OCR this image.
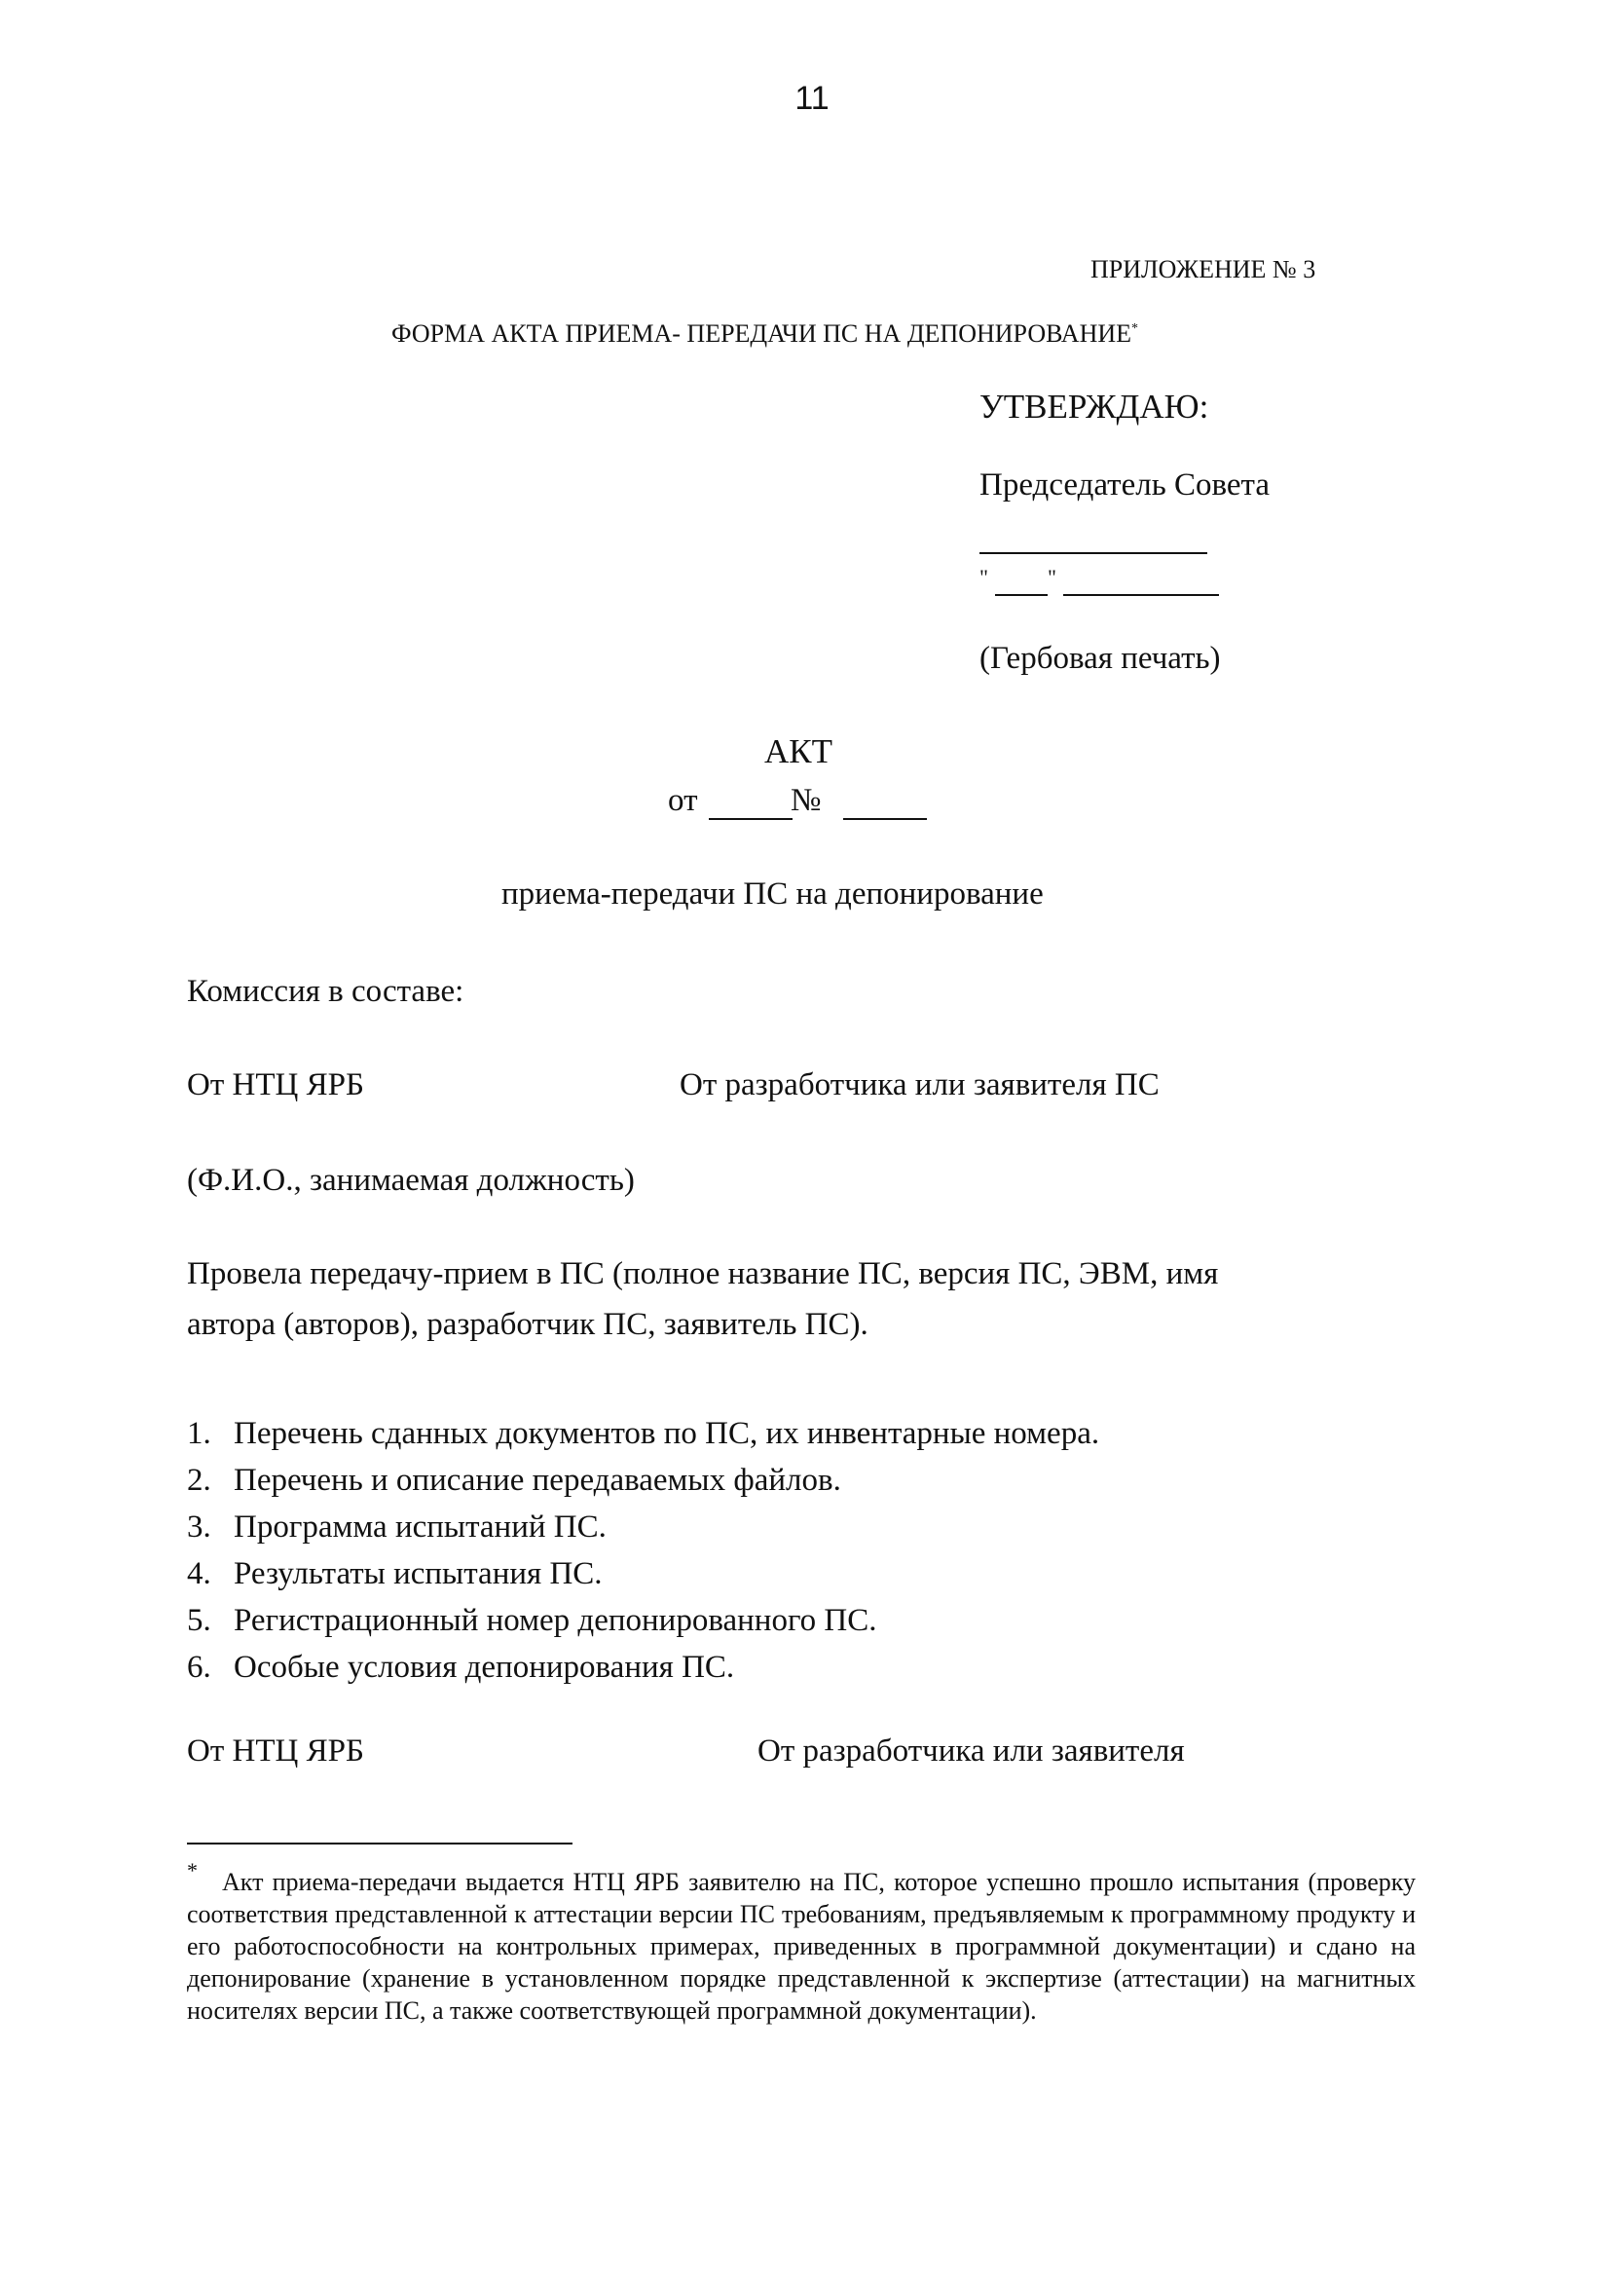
11
ПРИЛОЖЕНИЕ № 3
ФОРМА АКТА ПРИЕМА- ПЕРЕДАЧИ ПС НА ДЕПОНИРОВАНИЕ*
УТВЕРЖДАЮ:
Председатель Совета
"	"
(Гербовая печать)
АКТ
от	№
приема-передачи ПС на депонирование
Комиссия в составе:
От НТЦ ЯРБ	От разработчика или заявителя ПС
(Ф.И.О., занимаемая должность)
Провела передачу-прием в ПС (полное название ПС, версия ПС, ЭВМ, имя
автора (авторов), разработчик ПС, заявитель ПС).
1. Перечень сданных документов по ПС, их инвентарные номера.
2. Перечень и описание передаваемых файлов.
3. Программа испытаний ПС.
4. Результаты испытания ПС.
5. Регистрационный номер депонированного ПС.
6. Особые условия депонирования ПС.
От НТЦ ЯРБ	От разработчика или заявителя
* Акт приема-передачи выдается НТЦ ЯРБ заявителю на ПС, которое успешно прошло испытания (проверку соответствия представленной к аттестации версии ПС требованиям, предъявляемым к программному продукту и его работоспособности на контрольных примерах, приведенных в программной документации) и сдано на депонирование (хранение в установленном порядке представленной к экспертизе (аттестации) на магнитных носителях версии ПС, а также соответствующей программной документации).
